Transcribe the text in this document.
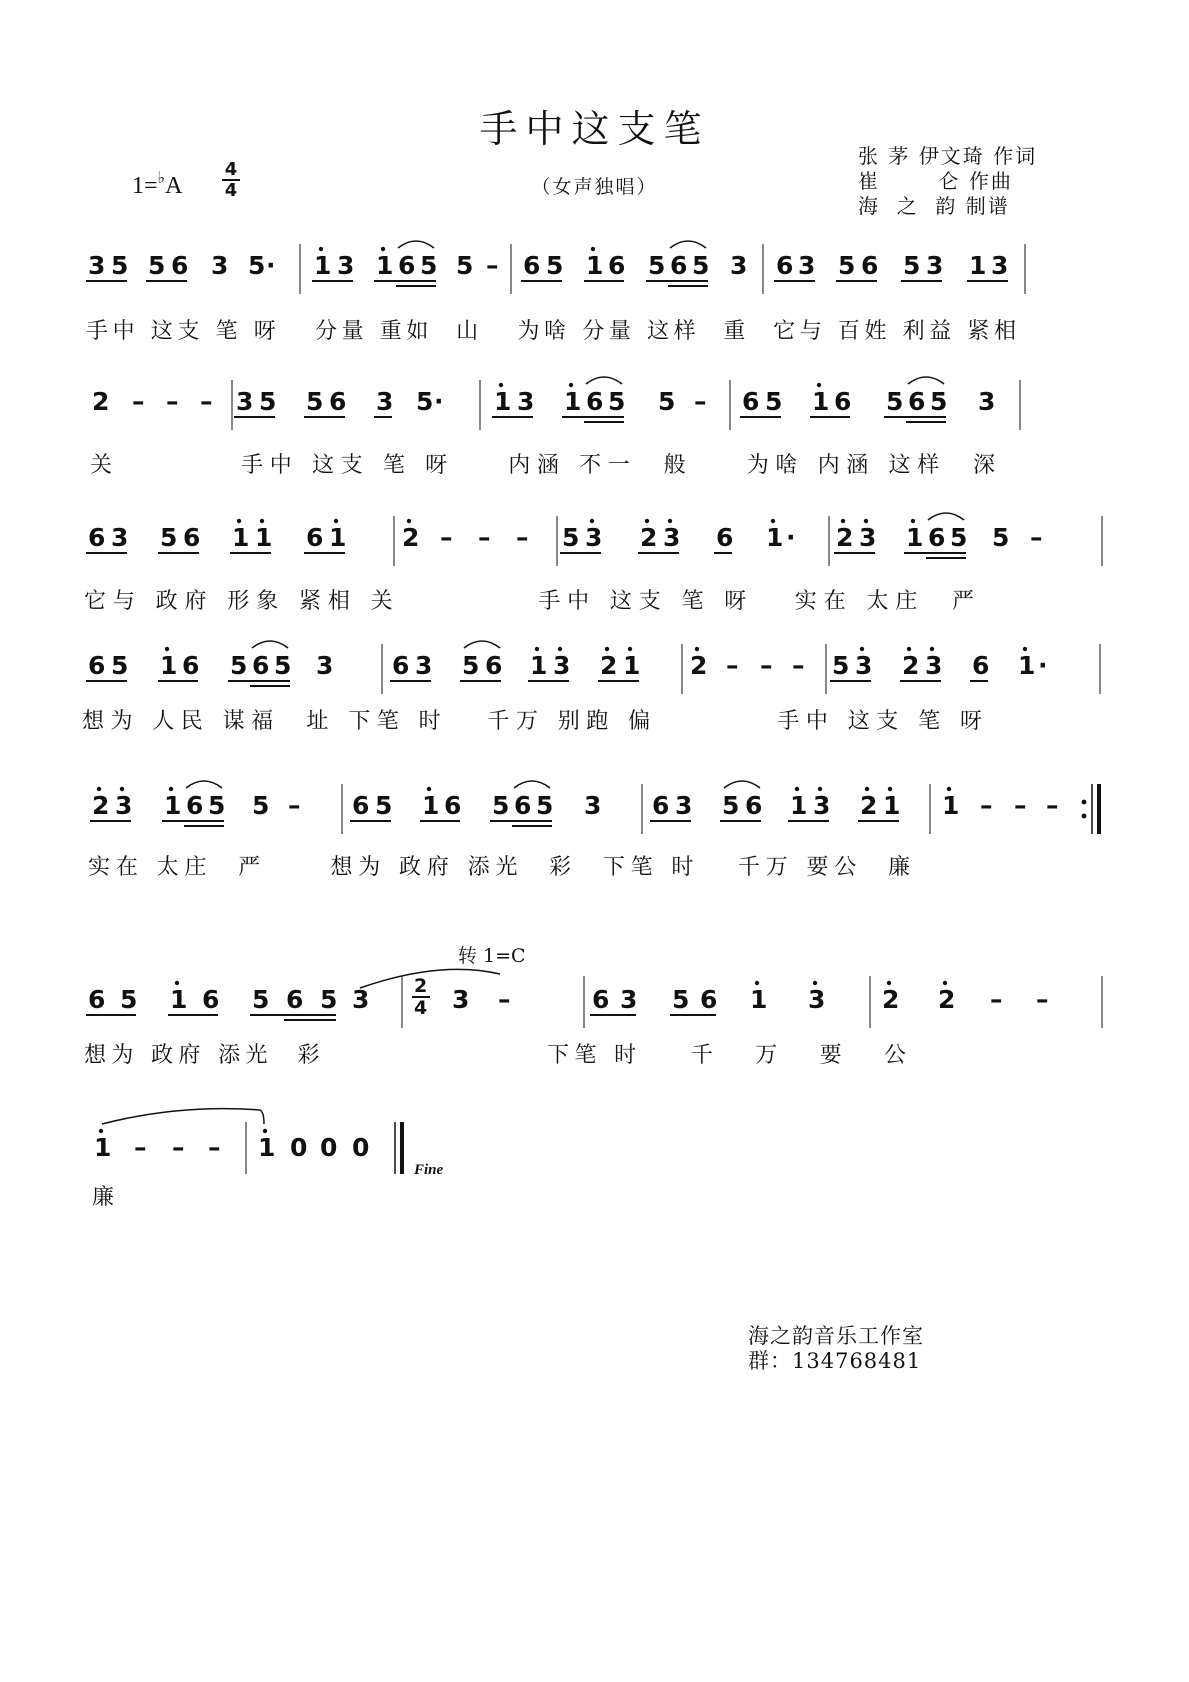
手中这支笔
（女声独唱）
1=♭A
4
4
张 茅 伊文琦 作词
崔       仑 作曲
海  之  韵 制谱
3 5 5 6 3 5 · 1 3 1 6 5 5 – 6 5 1 6 5 6 5 3 6 3 5 6 5 3 1 3
手中 这支 笔 呀   分量 重如  山   为啥 分量 这样  重  它与 百姓 利益 紧相
2 – – – 3 5 5 6 3 5 · 1 3 1 6 5 5 – 6 5 1 6 5 6 5 3
关         手中 这支 笔 呀    内涵 不一  般    为啥 内涵 这样  深
6 3 5 6 1 1 6 1 2 – – – 5 3 2 3 6 1 · 2 3 1 6 5 5 –
它与 政府 形象 紧相 关          手中 这支 笔 呀   实在 太庄  严
6 5 1 6 5 6 5 3 6 3 5 6 1 3 2 1 2 – – – 5 3 2 3 6 1 ·
想为 人民 谋福  址 下笔 时   千万 别跑 偏         手中 这支 笔 呀
2 3 1 6 5 5 – 6 5 1 6 5 6 5 3 6 3 5 6 1 3 2 1 1 – – –
实在 太庄  严     想为 政府 添光  彩  下笔 时   千万 要公  廉
转 1=C
6 5 1 6 5 6 5 3 2
4 3 –	6 3 5 6 1 3 2 2 – –
想为 政府 添光  彩                  下笔 时    千   万   要   公
1 – – – 1 0 0 0
Fine
廉
海之韵音乐工作室
群：134768481
